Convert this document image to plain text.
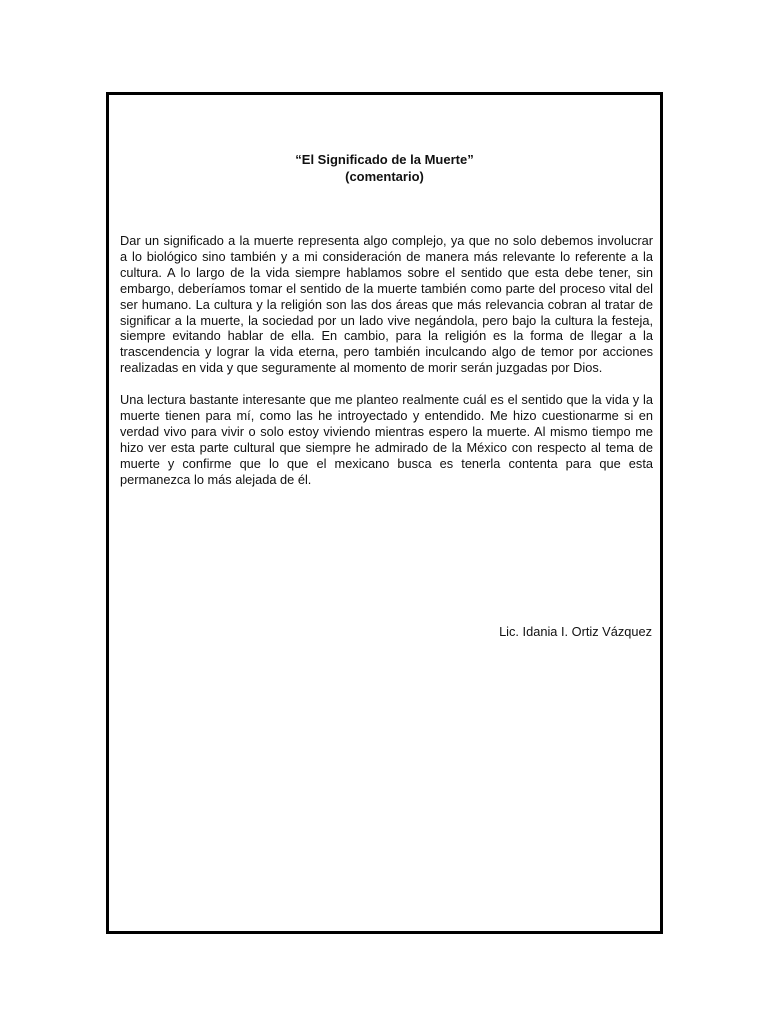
“El Significado de la Muerte”
(comentario)

Dar un significado a la muerte representa algo complejo, ya que no solo debemos involucrar a lo biológico sino también y a mi consideración de manera más relevante lo referente a la cultura. A lo largo de la vida siempre hablamos sobre el sentido que esta debe tener, sin embargo, deberíamos tomar el sentido de la muerte también como parte del proceso vital del ser humano. La cultura y la religión son las dos áreas que más relevancia cobran al tratar de significar a la muerte, la sociedad por un lado vive negándola, pero bajo la cultura la festeja, siempre evitando hablar de ella. En cambio, para la religión es la forma de llegar a la trascendencia y lograr la vida eterna, pero también inculcando algo de temor por acciones realizadas en vida y que seguramente al momento de morir serán juzgadas por Dios.

Una lectura bastante interesante que me planteo realmente cuál es el sentido que la vida y la muerte tienen para mí, como las he introyectado y entendido. Me hizo cuestionarme si en verdad vivo para vivir o solo estoy viviendo mientras espero la muerte. Al mismo tiempo me hizo ver esta parte cultural que siempre he admirado de la México con respecto al tema de muerte y confirme que lo que el mexicano busca es tenerla contenta para que esta permanezca lo más alejada de él.

Lic. Idania I. Ortiz Vázquez
